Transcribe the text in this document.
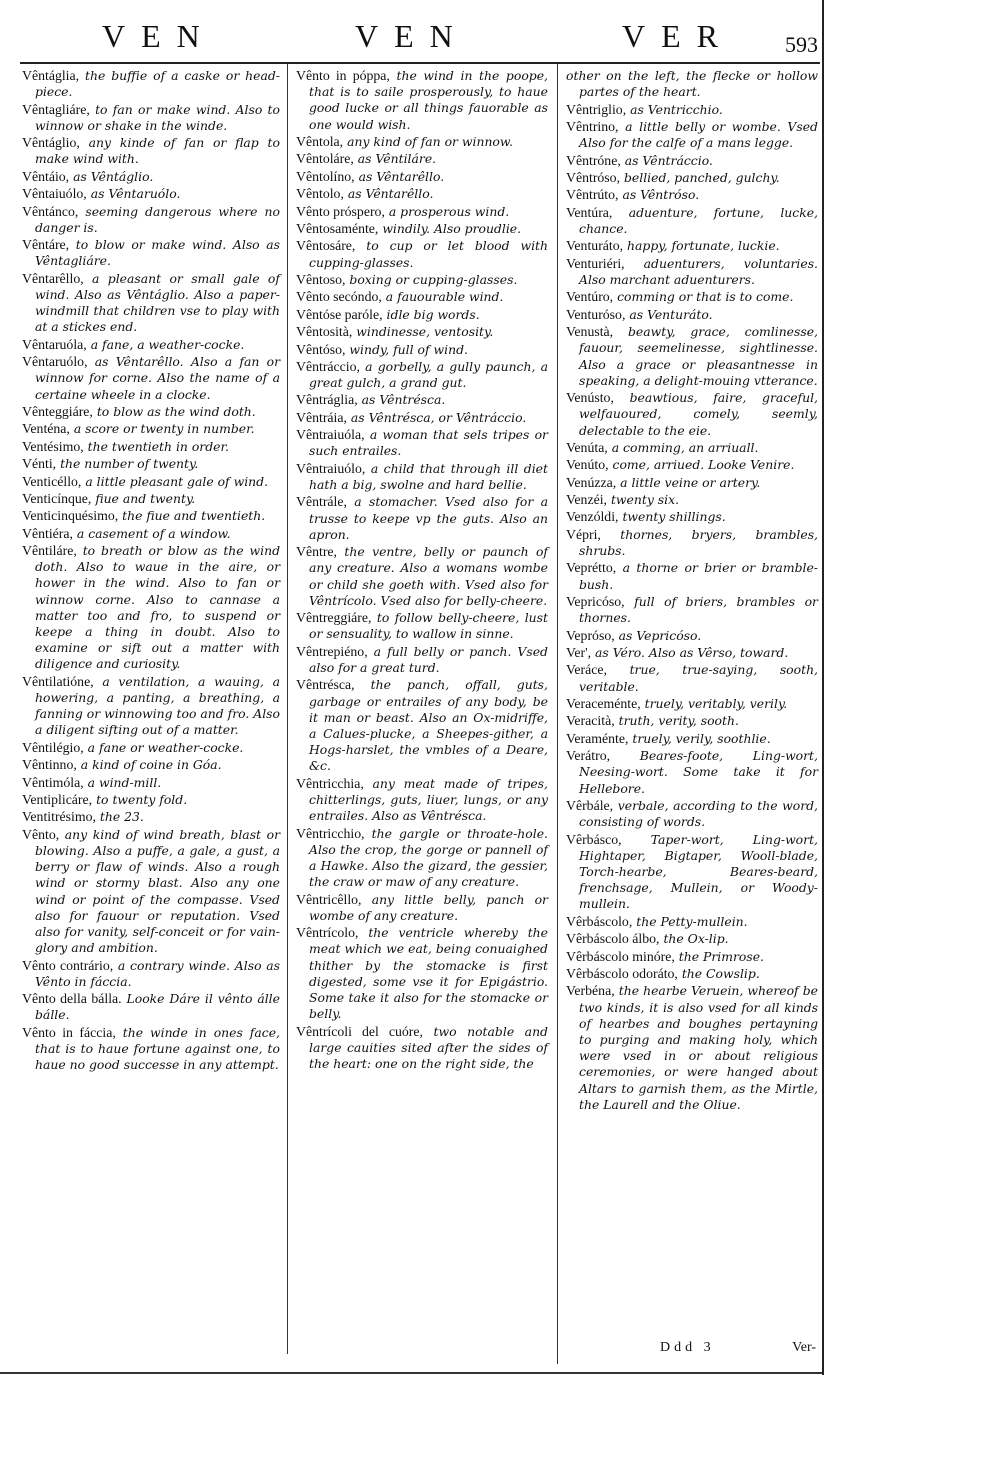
VEN	VEN	VER 593

Vêntáglia, the buffie of a caske or head-piece.

Vêntagliáre, to fan or make wind. Also to winnow or shake in the winde.

Vêntáglio, any kinde of fan or flap to make wind with.

Vêntáio, as Vêntáglio.

Vêntaiuólo, as Vêntaruólo.

Vêntánco, seeming dangerous where no danger is.

Vêntáre, to blow or make wind. Also as Vêntagliáre.

Vêntarêllo, a pleasant or small gale of wind. Also as Vêntáglio. Also a paper-windmill that children vse to play with at a stickes end.

Vêntaruóla, a fane, a weather-cocke.

Vêntaruólo, as Vêntarêllo. Also a fan or winnow for corne. Also the name of a certaine wheele in a clocke.

Vênteggiáre, to blow as the wind doth.

Venténa, a score or twenty in number.

Ventésimo, the twentieth in order.

Vénti, the number of twenty.

Venticéllo, a little pleasant gale of wind.

Venticínque, fiue and twenty.

Venticinquésimo, the fiue and twentieth.

Vêntiéra, a casement of a window.

Vêntiláre, to breath or blow as the wind doth. Also to waue in the aire, or hower in the wind. Also to fan or winnow corne. Also to cannase a matter too and fro, to suspend or keepe a thing in doubt. Also to examine or sift out a matter with diligence and curiosity.

Vêntilatióne, a ventilation, a wauing, a howering, a panting, a breathing, a fanning or winnowing too and fro. Also a diligent sifting out of a matter.

Vêntilégio, a fane or weather-cocke.

Vêntinno, a kind of coine in Góa.

Vêntimóla, a wind-mill.

Ventiplicáre, to twenty fold.

Ventitrésimo, the 23.

Vênto, any kind of wind breath, blast or blowing. Also a puffe, a gale, a gust, a berry or flaw of winds. Also a rough wind or stormy blast. Also any one wind or point of the compasse. Vsed also for fauour or reputation. Vsed also for vanity, self-conceit or for vain-glory and ambition.

Vênto contrário, a contrary winde. Also as Vênto in fáccia.

Vênto della bálla. Looke Dáre il vênto álle bálle.

Vênto in fáccia, the winde in ones face, that is to haue fortune against one, to haue no good successe in any attempt.

Vênto in póppa, the wind in the poope, that is to saile prosperously, to haue good lucke or all things fauorable as one would wish.

Vêntola, any kind of fan or winnow.

Vêntoláre, as Vêntiláre.

Vêntolíno, as Vêntarêllo.

Vêntolo, as Vêntarêllo.

Vênto prósperо, a prosperous wind.

Vêntosaménte, windily. Also proudlie.

Vêntosáre, to cup or let blood with cupping-glasses.

Vêntoso, boxing or cupping-glasses.

Vênto secóndo, a fauourable wind.

Vêntóse paróle, idle big words.

Vêntosità, windinesse, ventosity.

Vêntóso, windy, full of wind.

Vêntráccio, a gorbelly, a gully paunch, a great gulch, a grand gut.

Vêntráglia, as Vêntrésca.

Vêntráia, as Vêntrésca, or Vêntráccio.

Vêntraiuóla, a woman that sels tripes or such entrailes.

Vêntraiuólo, a child that through ill diet hath a big, swolne and hard bellie.

Vêntrále, a stomacher. Vsed also for a trusse to keepe vp the guts. Also an apron.

Vêntre, the ventre, belly or paunch of any creature. Also a womans wombe or child she goeth with. Vsed also for Vêntrícolo. Vsed also for belly-cheere.

Vêntreggiáre, to follow belly-cheere, lust or sensuality, to wallow in sinne.

Vêntrepiéno, a full belly or panch. Vsed also for a great turd.

Vêntrésca, the panch, offall, guts, garbage or entrailes of any body, be it man or beast. Also an Ox-midriffe, a Calues-plucke, a Sheepes-gither, a Hogs-harslet, the vmbles of a Deare, &c.

Vêntricchia, any meat made of tripes, chitterlings, guts, liuer, lungs, or any entrailes. Also as Vêntrésca.

Vêntricchio, the gargle or throate-hole. Also the crop, the gorge or pannell of a Hawke. Also the gizard, the gessier, the craw or maw of any creature.

Vêntricêllo, any little belly, panch or wombe of any creature.

Vêntrícolo, the ventricle whereby the meat which we eat, being conuaighed thither by the stomacke is first digested, some vse it for Epigástrio. Some take it also for the stomacke or belly.

Vêntrícoli del cuóre, two notable and large cauities sited after the sides of the heart: one on the right side, the

other on the left, the flecke or hollow partes of the heart.

Vêntriglio, as Ventricchio.

Vêntrino, a little belly or wombe. Vsed Also for the calfe of a mans legge.

Vêntróne, as Vêntráccio.

Vêntróso, bellied, panched, gulchy.

Vêntrúto, as Vêntróso.

Ventúra, aduenture, fortune, lucke, chance.

Venturáto, happy, fortunate, luckie.

Venturiéri, aduenturers, voluntaries. Also marchant aduenturers.

Ventúro, comming or that is to come.

Venturóso, as Venturáto.

Venustà, beawty, grace, comlinesse, fauour, seemelinesse, sightlinesse. Also a grace or pleasantnesse in speaking, a delight-mouing vtterance.

Venústo, beawtious, faire, graceful, welfauoured, comely, seemly, delectable to the eie.

Venúta, a comming, an arriuall.

Venúto, come, arriued. Looke Venire.

Venúzza, a little veine or artery.

Venzéi, twenty six.

Venzóldi, twenty shillings.

Vépri, thornes, bryers, brambles, shrubs.

Veprétto, a thorne or brier or bramble-bush.

Vepricóso, full of briers, brambles or thornes.

Vepróso, as Vepricóso.

Ver', as Véro. Also as Vêrso, toward.

Veráce, true, true-saying, sooth, veritable.

Veraceménte, truely, veritably, verily.

Veracità, truth, verity, sooth.

Veraménte, truely, verily, soothlie.

Verátro, Beares-foote, Ling-wort, Neesing-wort. Some take it for Hellebore.

Vêrbále, verbale, according to the word, consisting of words.

Vêrbásco, Taper-wort, Ling-wort, Hightaper, Bigtaper, Wooll-blade, Torch-hearbe, Beares-beard, frenchsage, Mullein, or Woody-mullein.

Vêrbáscolo, the Petty-mullein.

Vêrbáscolo álbo, the Ox-lip.

Vêrbáscolo minóre, the Primrose.

Vêrbáscolo odoráto, the Cowslip.

Verbéna, the hearbe Veruein, whereof be two kinds, it is also vsed for all kinds of hearbes and boughes pertayning to purging and making holy, which were vsed in or about religious ceremonies, or were hanged about Altars to garnish them, as the Mirtle, the Laurell and the Oliue.

Ddd 3	Ver-
